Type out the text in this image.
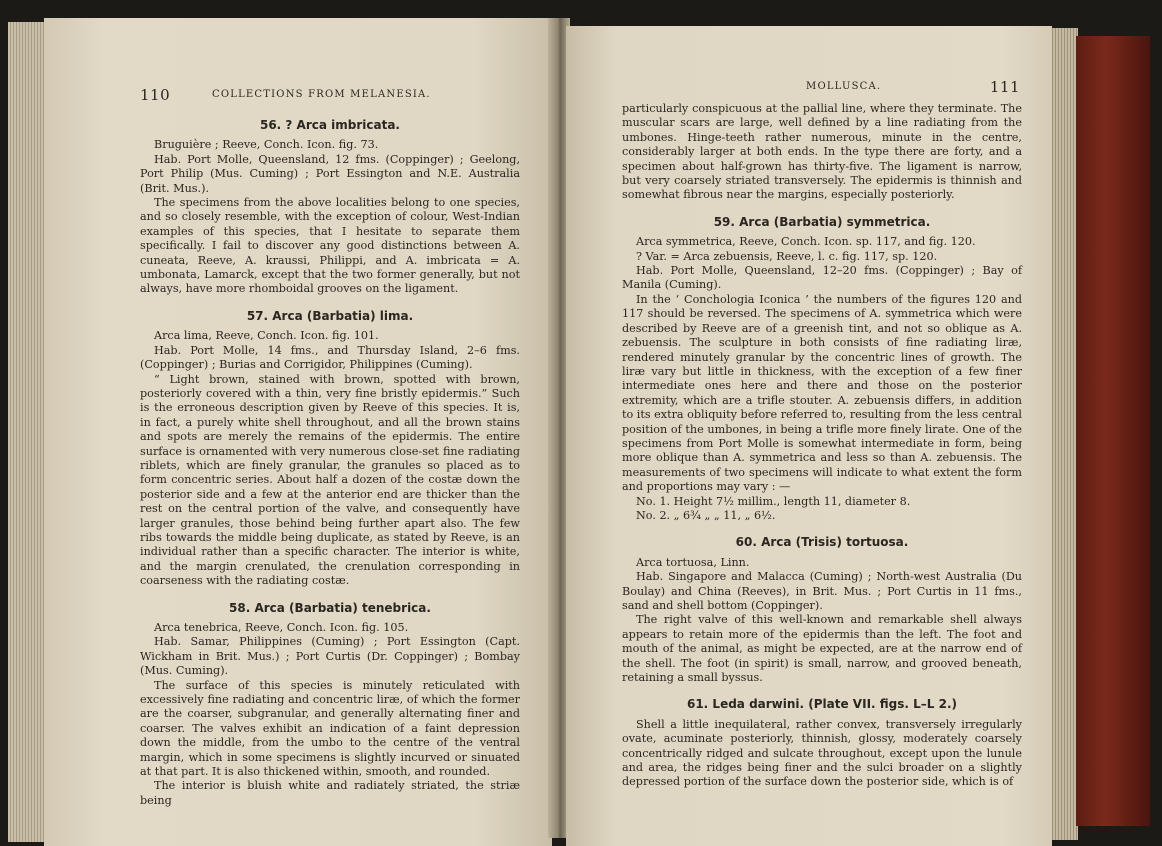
110	COLLECTIONS FROM MELANESIA.
56. ? Arca imbricata.

Bruguière ; Reeve, Conch. Icon. fig. 73.

Hab. Port Molle, Queensland, 12 fms. (Coppinger) ; Geelong, Port Philip (Mus. Cuming) ; Port Essington and N.E. Australia (Brit. Mus.).

The specimens from the above localities belong to one species, and so closely resemble, with the exception of colour, West-Indian examples of this species, that I hesitate to separate them specifically. I fail to discover any good distinctions between A. cuneata, Reeve, A. kraussi, Philippi, and A. imbricata = A. umbonata, Lamarck, except that the two former generally, but not always, have more rhomboidal grooves on the ligament.

57. Arca (Barbatia) lima.

Arca lima, Reeve, Conch. Icon. fig. 101.

Hab. Port Molle, 14 fms., and Thursday Island, 2–6 fms. (Coppinger) ; Burias and Corrigidor, Philippines (Cuming).

“ Light brown, stained with brown, spotted with brown, posteriorly covered with a thin, very fine bristly epidermis.” Such is the erroneous description given by Reeve of this species. It is, in fact, a purely white shell throughout, and all the brown stains and spots are merely the remains of the epidermis. The entire surface is ornamented with very numerous close-set fine radiating riblets, which are finely granular, the granules so placed as to form concentric series. About half a dozen of the costæ down the posterior side and a few at the anterior end are thicker than the rest on the central portion of the valve, and consequently have larger granules, those behind being further apart also. The few ribs towards the middle being duplicate, as stated by Reeve, is an individual rather than a specific character. The interior is white, and the margin crenulated, the crenulation corresponding in coarseness with the radiating costæ.

58. Arca (Barbatia) tenebrica.

Arca tenebrica, Reeve, Conch. Icon. fig. 105.

Hab. Samar, Philippines (Cuming) ; Port Essington (Capt. Wickham in Brit. Mus.) ; Port Curtis (Dr. Coppinger) ; Bombay (Mus. Cuming).

The surface of this species is minutely reticulated with excessively fine radiating and concentric liræ, of which the former are the coarser, subgranular, and generally alternating finer and coarser. The valves exhibit an indication of a faint depression down the middle, from the umbo to the centre of the ventral margin, which in some specimens is slightly incurved or sinuated at that part. It is also thickened within, smooth, and rounded.

The interior is bluish white and radiately striated, the striæ being

MOLLUSCA.	111

particularly conspicuous at the pallial line, where they terminate. The muscular scars are large, well defined by a line radiating from the umbones. Hinge-teeth rather numerous, minute in the centre, considerably larger at both ends. In the type there are forty, and a specimen about half-grown has thirty-five. The ligament is narrow, but very coarsely striated transversely. The epidermis is thinnish and somewhat fibrous near the margins, especially posteriorly.

59. Arca (Barbatia) symmetrica.

Arca symmetrica, Reeve, Conch. Icon. sp. 117, and fig. 120.

? Var. = Arca zebuensis, Reeve, l. c. fig. 117, sp. 120.

Hab. Port Molle, Queensland, 12–20 fms. (Coppinger) ; Bay of Manila (Cuming).

In the ‘ Conchologia Iconica ’ the numbers of the figures 120 and 117 should be reversed. The specimens of A. symmetrica which were described by Reeve are of a greenish tint, and not so oblique as A. zebuensis. The sculpture in both consists of fine radiating liræ, rendered minutely granular by the concentric lines of growth. The liræ vary but little in thickness, with the exception of a few finer intermediate ones here and there and those on the posterior extremity, which are a trifle stouter. A. zebuensis differs, in addition to its extra obliquity before referred to, resulting from the less central position of the umbones, in being a trifle more finely lirate. One of the specimens from Port Molle is somewhat intermediate in form, being more oblique than A. symmetrica and less so than A. zebuensis. The measurements of two specimens will indicate to what extent the form and proportions may vary : —

No. 1. Height 7½ millim., length 11, diameter 8.

No. 2. „ 6¾ „ „ 11, „ 6½.

60. Arca (Trisis) tortuosa.

Arca tortuosa, Linn.

Hab. Singapore and Malacca (Cuming) ; North-west Australia (Du Boulay) and China (Reeves), in Brit. Mus. ; Port Curtis in 11 fms., sand and shell bottom (Coppinger).

The right valve of this well-known and remarkable shell always appears to retain more of the epidermis than the left. The foot and mouth of the animal, as might be expected, are at the narrow end of the shell. The foot (in spirit) is small, narrow, and grooved beneath, retaining a small byssus.

61. Leda darwini. (Plate VII. figs. L–L 2.)

Shell a little inequilateral, rather convex, transversely irregularly ovate, acuminate posteriorly, thinnish, glossy, moderately coarsely concentrically ridged and sulcate throughout, except upon the lunule and area, the ridges being finer and the sulci broader on a slightly depressed portion of the surface down the posterior side, which is of
